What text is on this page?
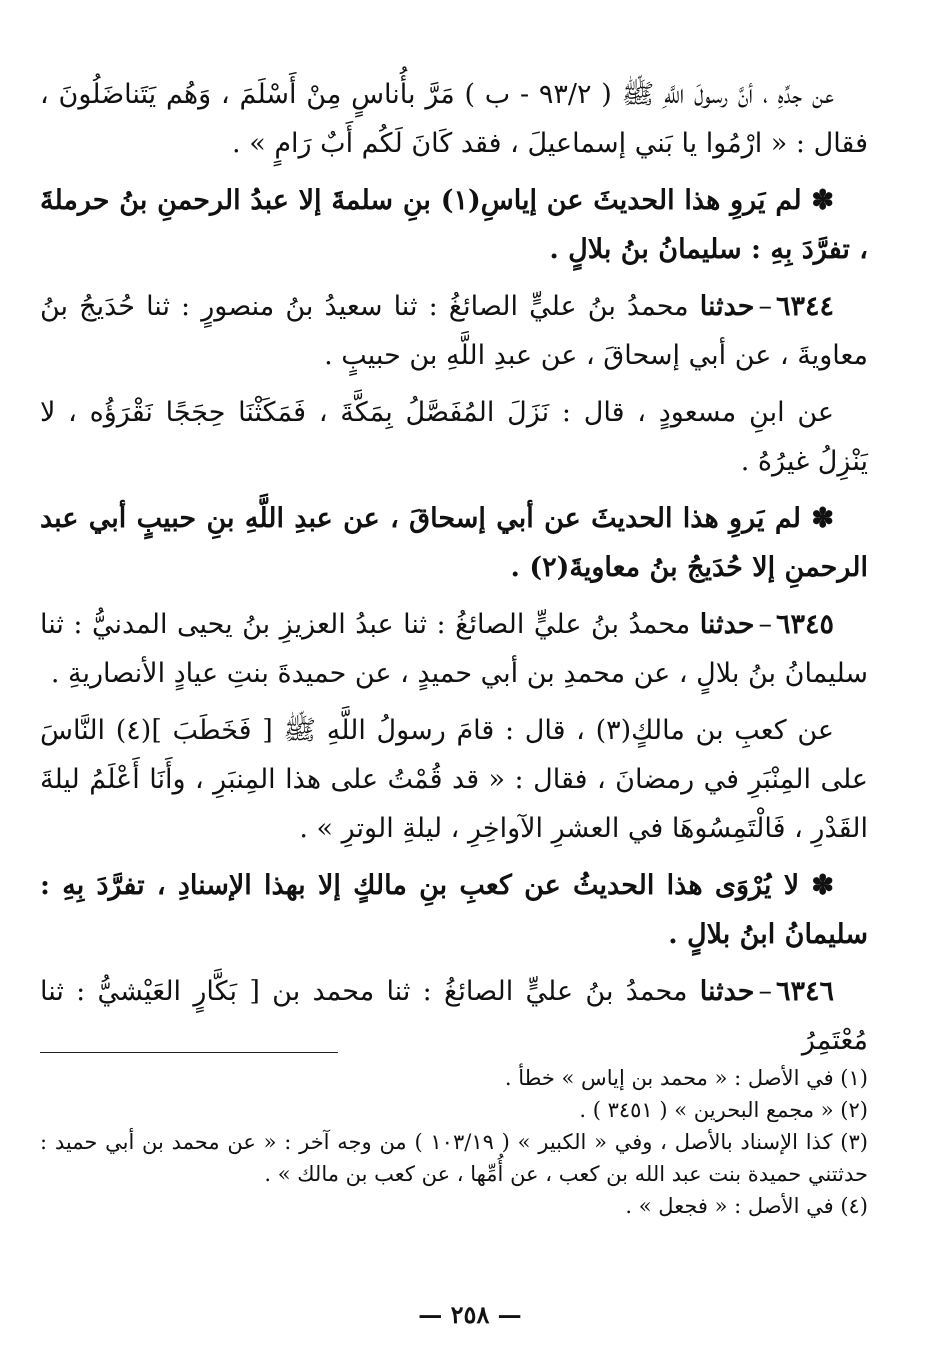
عن جدِّهِ ، أنَّ رسولَ اللَّهِ ﷺ ( ٩٣/٢ - ب ) مَرَّ بأُناسٍ مِنْ أَسْلَمَ ، وَهُم يَتَناضَلُونَ ، فقال : « ارْمُوا يا بَني إسماعيلَ ، فقد كَانَ لَكُم أَبٌ رَامٍ » .

✽ لم يَروِ هذا الحديثَ عن إياسِ(١) بنِ سلمةَ إلا عبدُ الرحمنِ بنُ حرملةَ ، تفرَّدَ بِهِ : سليمانُ بنُ بلالٍ .

٦٣٤٤–حدثنا محمدُ بنُ عليٍّ الصائغُ : ثنا سعيدُ بنُ منصورٍ : ثنا حُدَيجُ بنُ معاويةَ ، عن أبي إسحاقَ ، عن عبدِ اللَّهِ بن حبيبٍ .

عن ابنِ مسعودٍ ، قال : نَزَلَ المُفَصَّلُ بِمَكَّةَ ، فَمَكَثْنَا حِجَجًا نَقْرَؤُه ، لا يَنْزِلُ غيرُهُ .

✽ لم يَروِ هذا الحديثَ عن أبي إسحاقَ ، عن عبدِ اللَّهِ بنِ حبيبٍ أبي عبد الرحمنِ إلا حُدَيجُ بنُ معاويةَ(٢) .

٦٣٤٥–حدثنا محمدُ بنُ عليٍّ الصائغُ : ثنا عبدُ العزيزِ بنُ يحيى المدنيُّ : ثنا سليمانُ بنُ بلالٍ ، عن محمدِ بن أبي حميدٍ ، عن حميدةَ بنتِ عيادٍ الأنصاريةِ .

عن كعبِ بن مالكٍ(٣) ، قال : قامَ رسولُ اللَّهِ ﷺ [ فَخَطَبَ ](٤) النَّاسَ على المِنْبَرِ في رمضانَ ، فقال : « قد قُمْتُ على هذا المِنبَرِ ، وأَنَا أَعْلَمُ ليلةَ القَدْرِ ، فَالْتَمِسُوهَا في العشرِ الآواخِرِ ، ليلةِ الوترِ » .

✽ لا يُرْوَى هذا الحديثُ عن كعبِ بنِ مالكٍ إلا بهذا الإسنادِ ، تفرَّدَ بِهِ : سليمانُ ابنُ بلالٍ .

٦٣٤٦–حدثنا محمدُ بنُ عليٍّ الصائغُ : ثنا محمد بن [ بَكَّارٍ العَيْشيُّ : ثنا مُعْتَمِرُ

(١) في الأصل : « محمد بن إياس » خطأ .

(٢) « مجمع البحرين » ( ٣٤٥١ ) .

(٣) كذا الإسناد بالأصل ، وفي « الكبير » ( ١٠٣/١٩ ) من وجه آخر : « عن محمد بن أبي حميد : حدثتني حميدة بنت عبد الله بن كعب ، عن أُمِّها ، عن كعب بن مالك » .

(٤) في الأصل : « فجعل » .

— ٢٥٨ —
